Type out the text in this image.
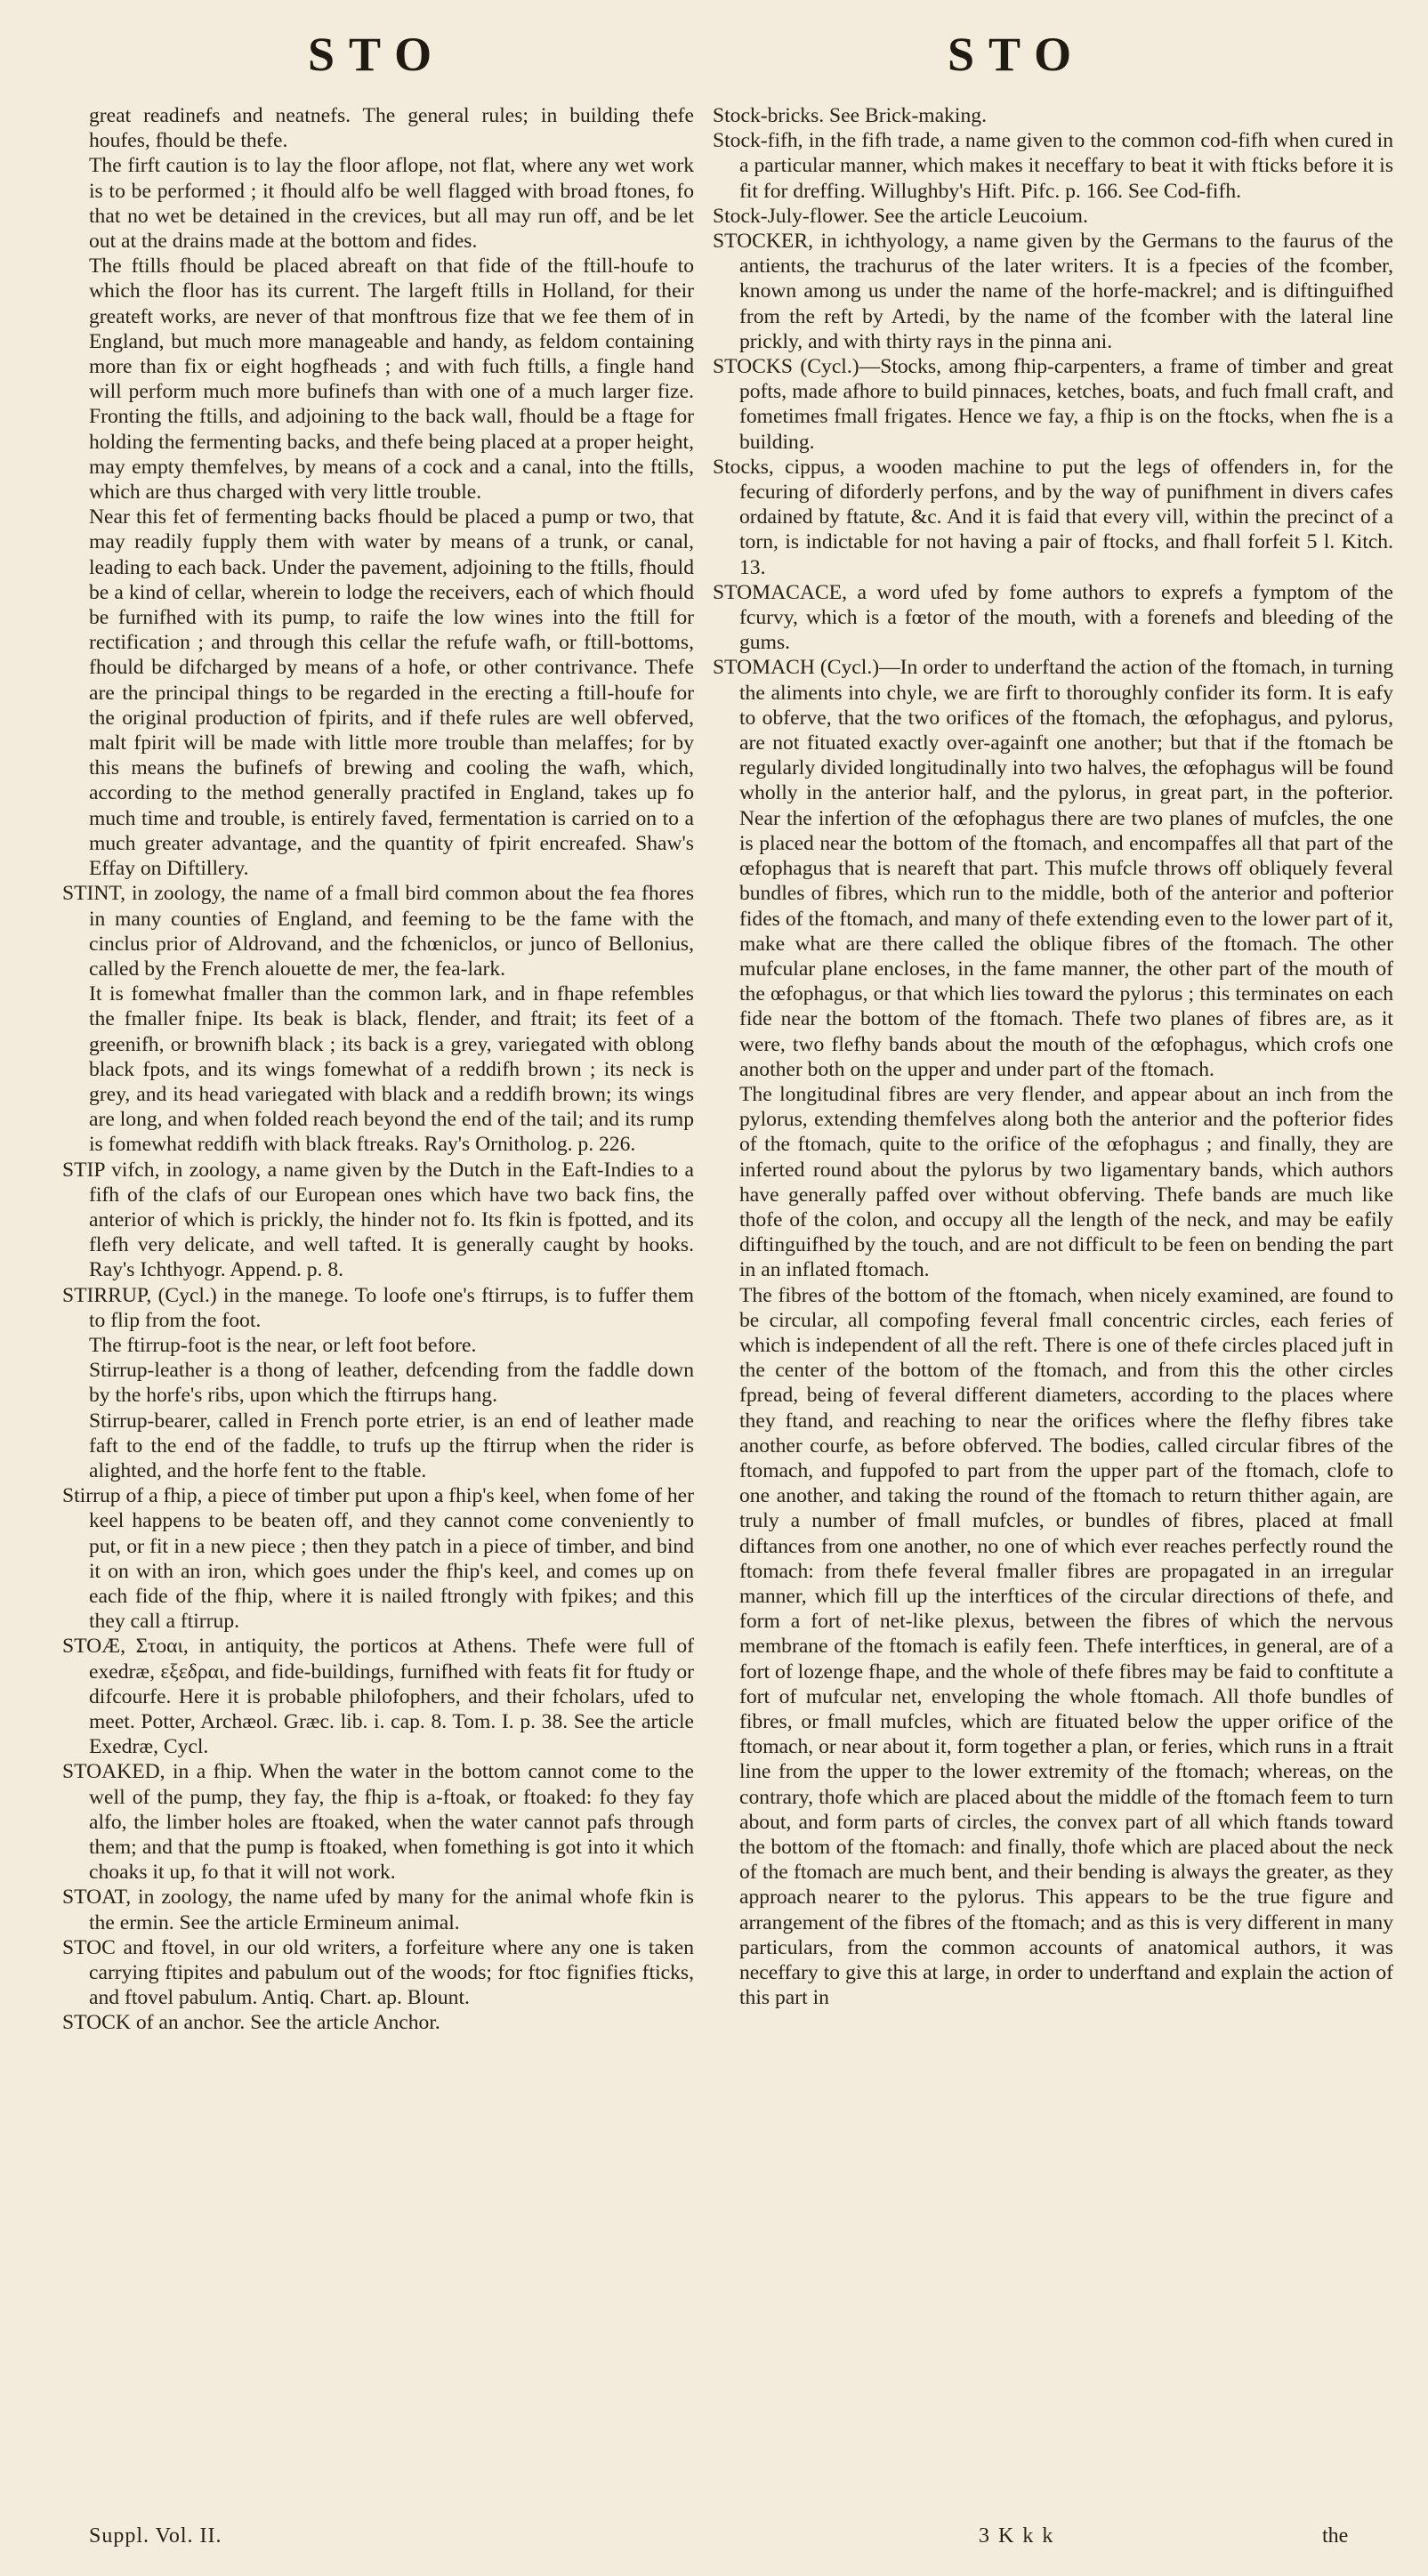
STO	STO

great readinefs and neatnefs. The general rules; in building thefe houfes, fhould be thefe.

The firft caution is to lay the floor aflope, not flat, where any wet work is to be performed ; it fhould alfo be well flagged with broad ftones, fo that no wet be detained in the crevices, but all may run off, and be let out at the drains made at the bottom and fides.

The ftills fhould be placed abreaft on that fide of the ftill-houfe to which the floor has its current. The largeft ftills in Holland, for their greateft works, are never of that monftrous fize that we fee them of in England, but much more manageable and handy, as feldom containing more than fix or eight hogfheads ; and with fuch ftills, a fingle hand will perform much more bufinefs than with one of a much larger fize. Fronting the ftills, and adjoining to the back wall, fhould be a ftage for holding the fermenting backs, and thefe being placed at a proper height, may empty themfelves, by means of a cock and a canal, into the ftills, which are thus charged with very little trouble.

Near this fet of fermenting backs fhould be placed a pump or two, that may readily fupply them with water by means of a trunk, or canal, leading to each back. Under the pavement, adjoining to the ftills, fhould be a kind of cellar, wherein to lodge the receivers, each of which fhould be furnifhed with its pump, to raife the low wines into the ftill for rectification ; and through this cellar the refufe wafh, or ftill-bottoms, fhould be difcharged by means of a hofe, or other contrivance. Thefe are the principal things to be regarded in the erecting a ftill-houfe for the original production of fpirits, and if thefe rules are well obferved, malt fpirit will be made with little more trouble than melaffes; for by this means the bufinefs of brewing and cooling the wafh, which, according to the method generally practifed in England, takes up fo much time and trouble, is entirely faved, fermentation is carried on to a much greater advantage, and the quantity of fpirit encreafed. Shaw's Effay on Diftillery.

STINT, in zoology, the name of a fmall bird common about the fea fhores in many counties of England, and feeming to be the fame with the cinclus prior of Aldrovand, and the fchœniclos, or junco of Bellonius, called by the French alouette de mer, the fea-lark.

It is fomewhat fmaller than the common lark, and in fhape refembles the fmaller fnipe. Its beak is black, flender, and ftrait; its feet of a greenifh, or brownifh black ; its back is a grey, variegated with oblong black fpots, and its wings fomewhat of a reddifh brown ; its neck is grey, and its head variegated with black and a reddifh brown; its wings are long, and when folded reach beyond the end of the tail; and its rump is fomewhat reddifh with black ftreaks. Ray's Ornitholog. p. 226.

STIP vifch, in zoology, a name given by the Dutch in the Eaft-Indies to a fifh of the clafs of our European ones which have two back fins, the anterior of which is prickly, the hinder not fo. Its fkin is fpotted, and its flefh very delicate, and well tafted. It is generally caught by hooks. Ray's Ichthyogr. Append. p. 8.

STIRRUP, (Cycl.) in the manege. To loofe one's ftirrups, is to fuffer them to flip from the foot.

The ftirrup-foot is the near, or left foot before.

Stirrup-leather is a thong of leather, defcending from the faddle down by the horfe's ribs, upon which the ftirrups hang.

Stirrup-bearer, called in French porte etrier, is an end of leather made faft to the end of the faddle, to trufs up the ftirrup when the rider is alighted, and the horfe fent to the ftable.

Stirrup of a fhip, a piece of timber put upon a fhip's keel, when fome of her keel happens to be beaten off, and they cannot come conveniently to put, or fit in a new piece ; then they patch in a piece of timber, and bind it on with an iron, which goes under the fhip's keel, and comes up on each fide of the fhip, where it is nailed ftrongly with fpikes; and this they call a ftirrup.

STOÆ, Στοαι, in antiquity, the porticos at Athens. Thefe were full of exedræ, εξεδραι, and fide-buildings, furnifhed with feats fit for ftudy or difcourfe. Here it is probable philofophers, and their fcholars, ufed to meet. Potter, Archæol. Græc. lib. i. cap. 8. Tom. I. p. 38. See the article Exedræ, Cycl.

STOAKED, in a fhip. When the water in the bottom cannot come to the well of the pump, they fay, the fhip is a-ftoak, or ftoaked: fo they fay alfo, the limber holes are ftoaked, when the water cannot pafs through them; and that the pump is ftoaked, when fomething is got into it which choaks it up, fo that it will not work.

STOAT, in zoology, the name ufed by many for the animal whofe fkin is the ermin. See the article Ermineum animal.

STOC and ftovel, in our old writers, a forfeiture where any one is taken carrying ftipites and pabulum out of the woods; for ftoc fignifies fticks, and ftovel pabulum. Antiq. Chart. ap. Blount.

STOCK of an anchor. See the article Anchor.

Stock-bricks. See Brick-making.

Stock-fifh, in the fifh trade, a name given to the common cod-fifh when cured in a particular manner, which makes it neceffary to beat it with fticks before it is fit for dreffing. Willughby's Hift. Pifc. p. 166. See Cod-fifh.

Stock-July-flower. See the article Leucoium.

STOCKER, in ichthyology, a name given by the Germans to the faurus of the antients, the trachurus of the later writers. It is a fpecies of the fcomber, known among us under the name of the horfe-mackrel; and is diftinguifhed from the reft by Artedi, by the name of the fcomber with the lateral line prickly, and with thirty rays in the pinna ani.

STOCKS (Cycl.)—Stocks, among fhip-carpenters, a frame of timber and great pofts, made afhore to build pinnaces, ketches, boats, and fuch fmall craft, and fometimes fmall frigates. Hence we fay, a fhip is on the ftocks, when fhe is a building.

Stocks, cippus, a wooden machine to put the legs of offenders in, for the fecuring of diforderly perfons, and by the way of punifhment in divers cafes ordained by ftatute, &c. And it is faid that every vill, within the precinct of a torn, is indictable for not having a pair of ftocks, and fhall forfeit 5 l. Kitch. 13.

STOMACACE, a word ufed by fome authors to exprefs a fymptom of the fcurvy, which is a fœtor of the mouth, with a forenefs and bleeding of the gums.

STOMACH (Cycl.)—In order to underftand the action of the ftomach, in turning the aliments into chyle, we are firft to thoroughly confider its form. It is eafy to obferve, that the two orifices of the ftomach, the œfophagus, and pylorus, are not fituated exactly over-againft one another; but that if the ftomach be regularly divided longitudinally into two halves, the œfophagus will be found wholly in the anterior half, and the pylorus, in great part, in the pofterior. Near the infertion of the œfophagus there are two planes of mufcles, the one is placed near the bottom of the ftomach, and encompaffes all that part of the œfophagus that is neareft that part. This mufcle throws off obliquely feveral bundles of fibres, which run to the middle, both of the anterior and pofterior fides of the ftomach, and many of thefe extending even to the lower part of it, make what are there called the oblique fibres of the ftomach. The other mufcular plane encloses, in the fame manner, the other part of the mouth of the œfophagus, or that which lies toward the pylorus ; this terminates on each fide near the bottom of the ftomach. Thefe two planes of fibres are, as it were, two flefhy bands about the mouth of the œfophagus, which crofs one another both on the upper and under part of the ftomach.

The longitudinal fibres are very flender, and appear about an inch from the pylorus, extending themfelves along both the anterior and the pofterior fides of the ftomach, quite to the orifice of the œfophagus ; and finally, they are inferted round about the pylorus by two ligamentary bands, which authors have generally paffed over without obferving. Thefe bands are much like thofe of the colon, and occupy all the length of the neck, and may be eafily diftinguifhed by the touch, and are not difficult to be feen on bending the part in an inflated ftomach.

The fibres of the bottom of the ftomach, when nicely examined, are found to be circular, all compofing feveral fmall concentric circles, each feries of which is independent of all the reft. There is one of thefe circles placed juft in the center of the bottom of the ftomach, and from this the other circles fpread, being of feveral different diameters, according to the places where they ftand, and reaching to near the orifices where the flefhy fibres take another courfe, as before obferved. The bodies, called circular fibres of the ftomach, and fuppofed to part from the upper part of the ftomach, clofe to one another, and taking the round of the ftomach to return thither again, are truly a number of fmall mufcles, or bundles of fibres, placed at fmall diftances from one another, no one of which ever reaches perfectly round the ftomach: from thefe feveral fmaller fibres are propagated in an irregular manner, which fill up the interftices of the circular directions of thefe, and form a fort of net-like plexus, between the fibres of which the nervous membrane of the ftomach is eafily feen. Thefe interftices, in general, are of a fort of lozenge fhape, and the whole of thefe fibres may be faid to conftitute a fort of mufcular net, enveloping the whole ftomach. All thofe bundles of fibres, or fmall mufcles, which are fituated below the upper orifice of the ftomach, or near about it, form together a plan, or feries, which runs in a ftrait line from the upper to the lower extremity of the ftomach; whereas, on the contrary, thofe which are placed about the middle of the ftomach feem to turn about, and form parts of circles, the convex part of all which ftands toward the bottom of the ftomach: and finally, thofe which are placed about the neck of the ftomach are much bent, and their bending is always the greater, as they approach nearer to the pylorus. This appears to be the true figure and arrangement of the fibres of the ftomach; and as this is very different in many particulars, from the common accounts of anatomical authors, it was neceffary to give this at large, in order to underftand and explain the action of this part in

Suppl. Vol. II.	3 K k k	the
